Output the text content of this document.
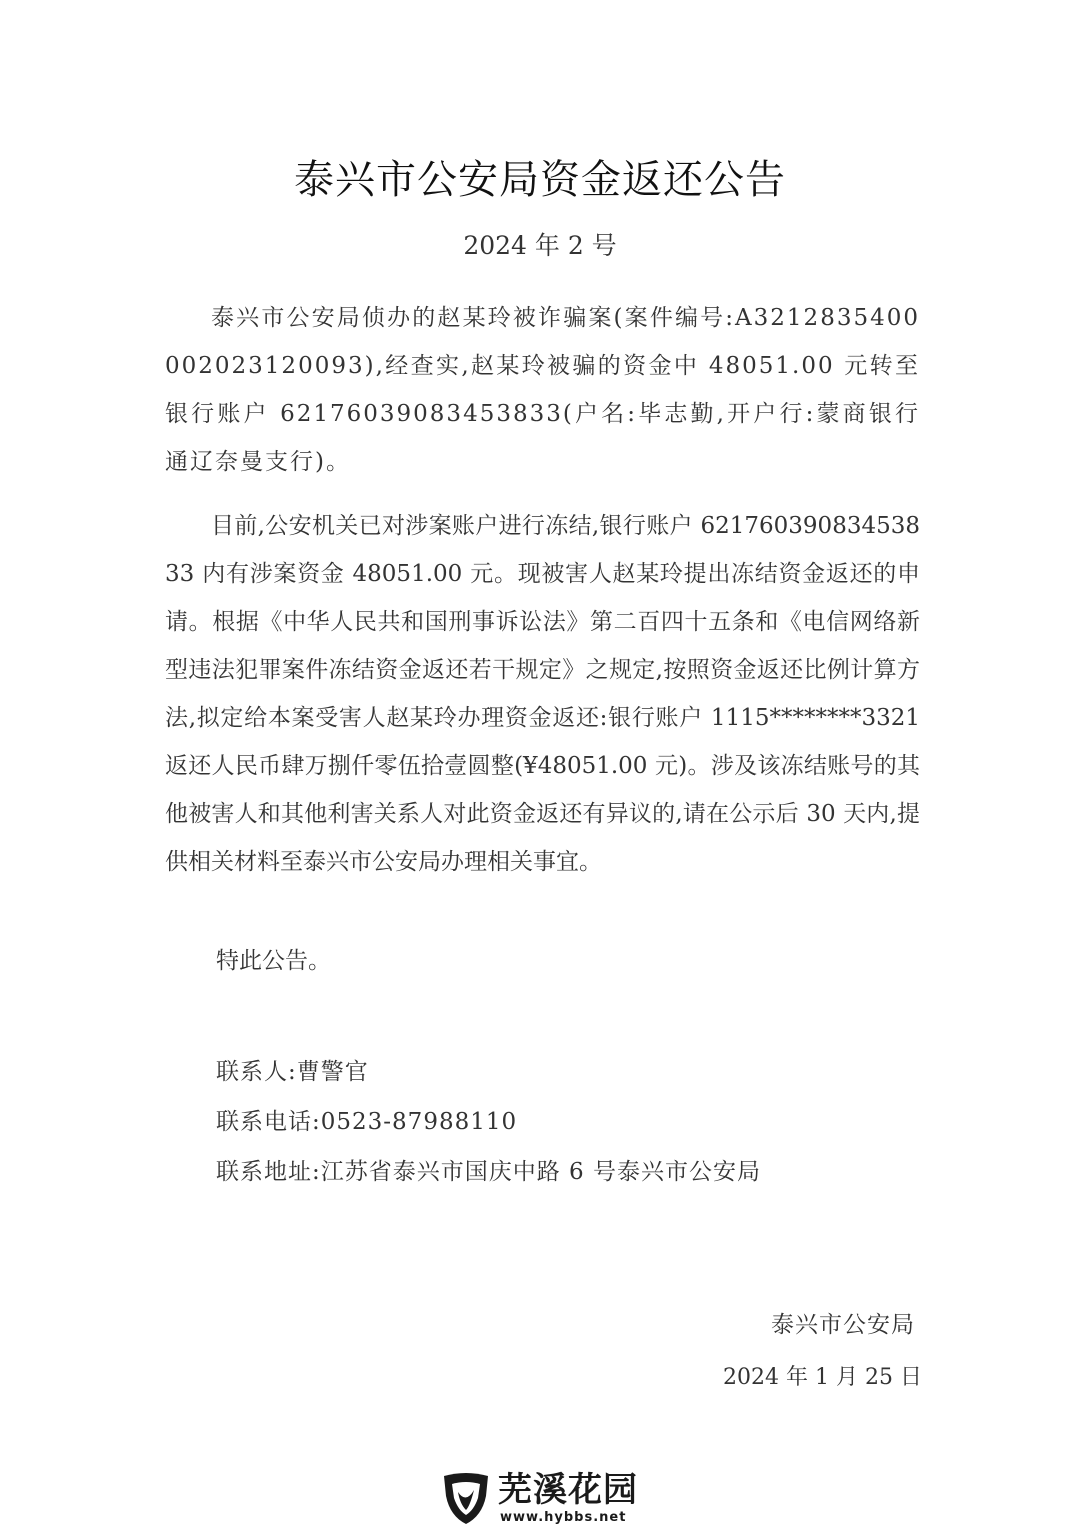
泰兴市公安局资金返还公告
2024 年 2 号

泰兴市公安局侦办的赵某玲被诈骗案(案件编号:A3212835400002023120093),经查实,赵某玲被骗的资金中 48051.00 元转至银行账户 62176039083453833(户名:毕志勤,开户行:蒙商银行通辽奈曼支行)。

目前,公安机关已对涉案账户进行冻结,银行账户 62176039083453833 内有涉案资金 48051.00 元。现被害人赵某玲提出冻结资金返还的申请。根据《中华人民共和国刑事诉讼法》第二百四十五条和《电信网络新型违法犯罪案件冻结资金返还若干规定》之规定,按照资金返还比例计算方法,拟定给本案受害人赵某玲办理资金返还:银行账户 1115********3321 返还人民币肆万捌仟零伍拾壹圆整(¥48051.00 元)。涉及该冻结账号的其他被害人和其他利害关系人对此资金返还有异议的,请在公示后 30 天内,提供相关材料至泰兴市公安局办理相关事宜。

特此公告。
联系人:曹警官
联系电话:0523-87988110
联系地址:江苏省泰兴市国庆中路 6 号泰兴市公安局
泰兴市公安局
2024 年 1 月 25 日
芜溪花园
www.hybbs.net
